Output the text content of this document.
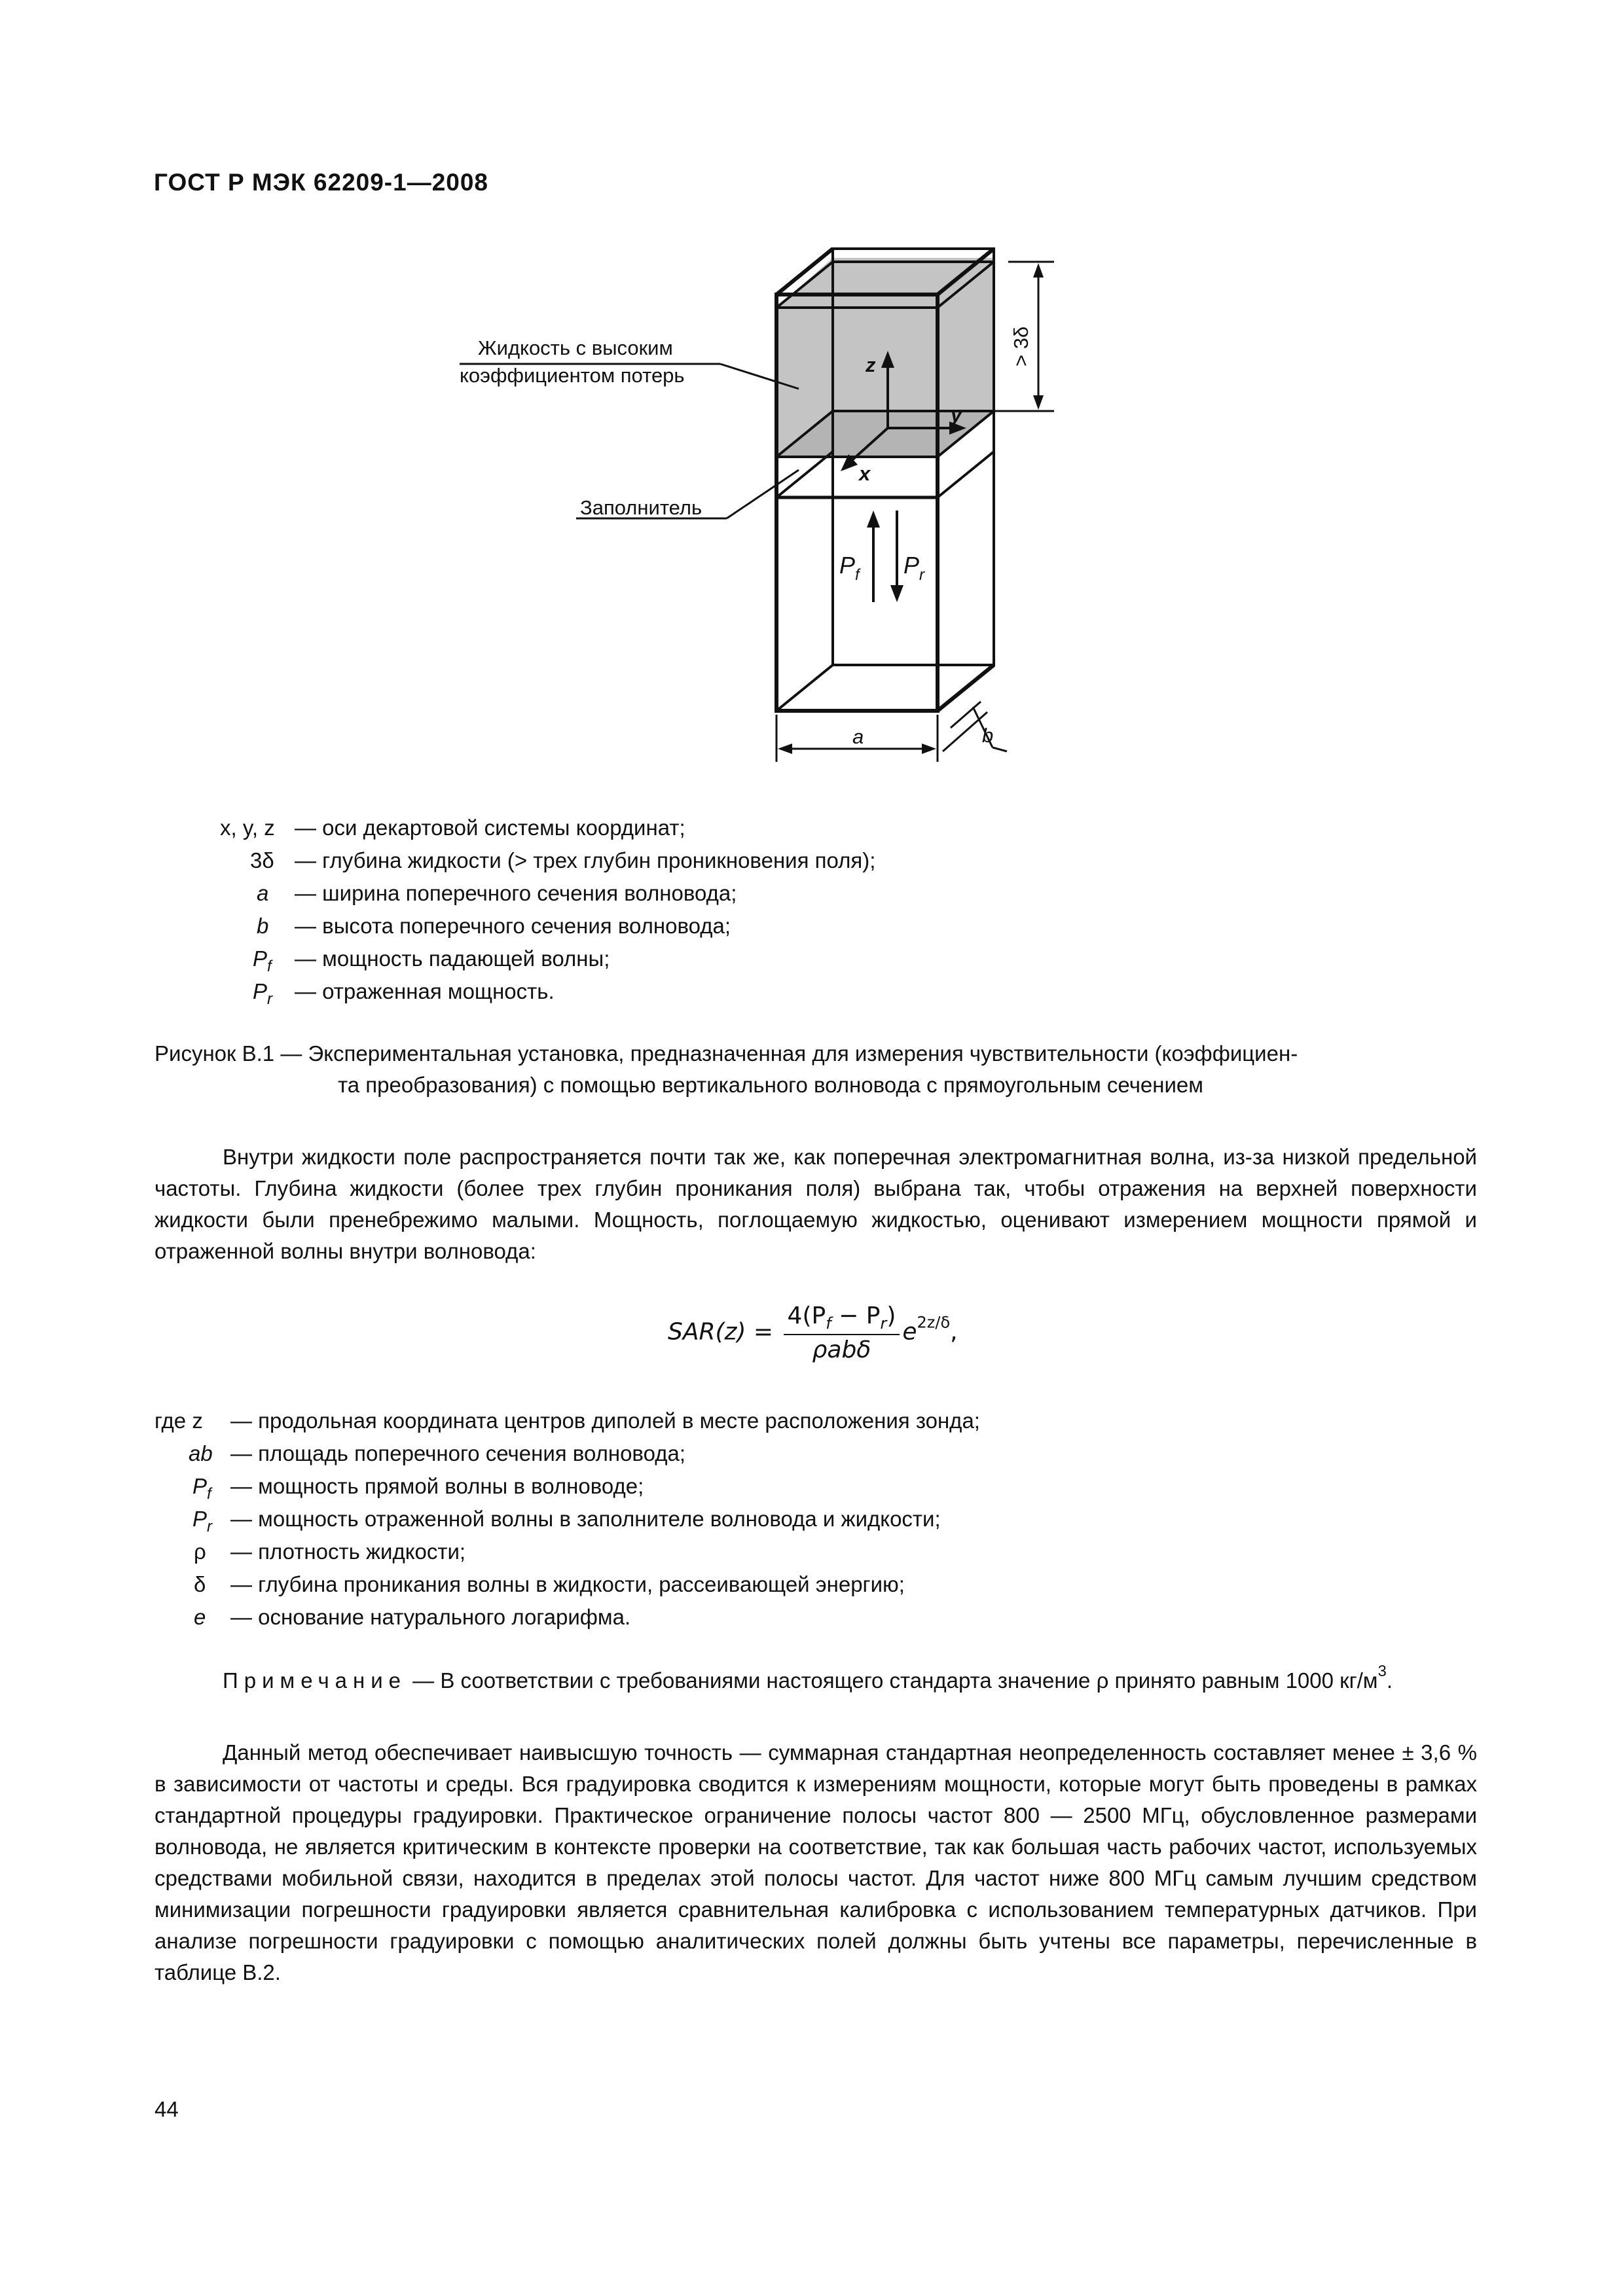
ГОСТ Р МЭК 62209-1—2008
Жидкость с высоким
коэффициентом потерь
Заполнитель
> 3δ
z
y
x
$P_f$ $P_r$
a	b
x, y, z — оси декартовой системы координат;
3δ — глубина жидкости (> трех глубин проникновения поля);
a — ширина поперечного сечения волновода;
b — высота поперечного сечения волновода;
$P_f$ — мощность падающей волны;
$P_r$ — отраженная мощность.
Рисунок В.1 — Экспериментальная установка, предназначенная для измерения чувствительности (коэффициен-
та преобразования) с помощью вертикального волновода с прямоугольным сечением
Внутри жидкости поле распространяется почти так же, как поперечная электромагнитная волна, из-за низкой предельной частоты. Глубина жидкости (более трех глубин проникания поля) выбрана так, чтобы отражения на верхней поверхности жидкости были пренебрежимо малыми. Мощность, поглощаемую жидкостью, оценивают измерением мощности прямой и отраженной волны внутри волновода:
$SAR(z) = \frac{4(P_f - P_r)}{\text{ρabδ}} e^{2z/\delta}$,
где z — продольная координата центров диполей в месте расположения зонда;
ab — площадь поперечного сечения волновода;
$P_f$ — мощность прямой волны в волноводе;
$P_r$ — мощность отраженной волны в заполнителе волновода и жидкости;
ρ — плотность жидкости;
δ — глубина проникания волны в жидкости, рассеивающей энергию;
e — основание натурального логарифма.
Примечание — В соответствии с требованиями настоящего стандарта значение ρ принято равным 1000 $кг/м^3$.
Данный метод обеспечивает наивысшую точность — суммарная стандартная неопределенность составляет менее ± 3,6 % в зависимости от частоты и среды. Вся градуировка сводится к измерениям мощности, которые могут быть проведены в рамках стандартной процедуры градуировки. Практическое ограничение полосы частот 800 — 2500 МГц, обусловленное размерами волновода, не является критическим в контексте проверки на соответствие, так как большая часть рабочих частот, используемых средствами мобильной связи, находится в пределах этой полосы частот. Для частот ниже 800 МГц самым лучшим средством минимизации погрешности градуировки является сравнительная калибровка с использованием температурных датчиков. При анализе погрешности градуировки с помощью аналитических полей должны быть учтены все параметры, перечисленные в таблице В.2.
44
